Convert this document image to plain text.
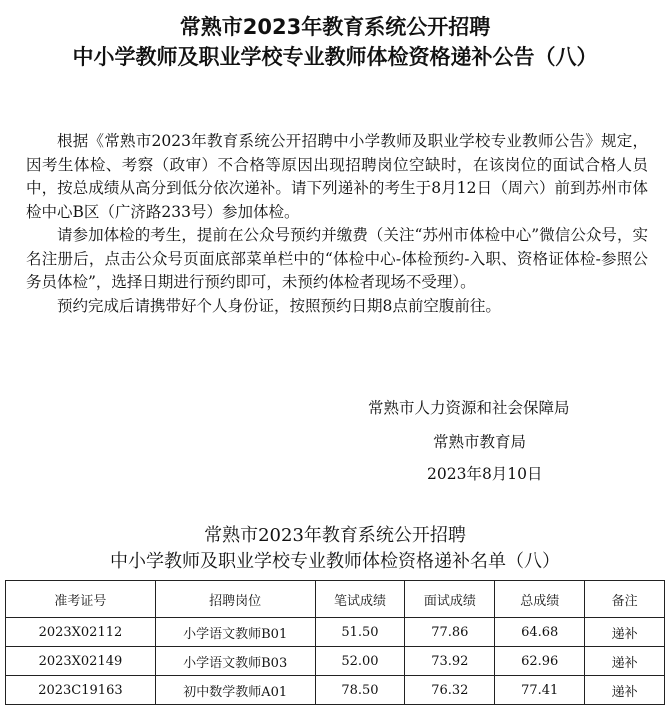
常熟市2023年教育系统公开招聘
中小学教师及职业学校专业教师体检资格递补公告（八）

根据《常熟市2023年教育系统公开招聘中小学教师及职业学校专业教师公告》规定，因考生体检、考察（政审）不合格等原因出现招聘岗位空缺时，在该岗位的面试合格人员中，按总成绩从高分到低分依次递补。请下列递补的考生于8月12日（周六）前到苏州市体检中心B区（广济路233号）参加体检。

请参加体检的考生，提前在公众号预约并缴费（关注“苏州市体检中心”微信公众号，实名注册后，点击公众号页面底部菜单栏中的“体检中心-体检预约-入职、资格证体检-参照公务员体检”，选择日期进行预约即可，未预约体检者现场不受理）。

预约完成后请携带好个人身份证，按照预约日期8点前空腹前往。

常熟市人力资源和社会保障局
常熟市教育局
2023年8月10日
常熟市2023年教育系统公开招聘
中小学教师及职业学校专业教师体检资格递补名单（八）
准考证号	招聘岗位	笔试成绩	面试成绩	总成绩	备注
2023X02112	小学语文教师B01	51.50	77.86	64.68	递补
2023X02149	小学语文教师B03	52.00	73.92	62.96	递补
2023C19163	初中数学教师A01	78.50	76.32	77.41	递补
